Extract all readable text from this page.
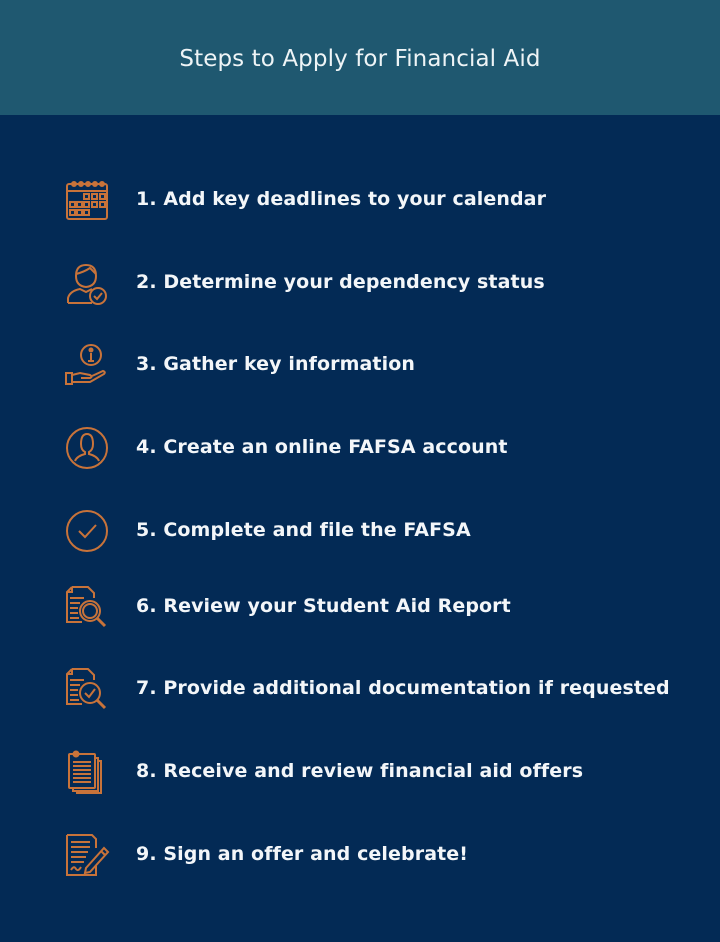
Steps to Apply for Financial Aid
1. Add key deadlines to your calendar
2. Determine your dependency status
3. Gather key information
4. Create an online FAFSA account
5. Complete and file the FAFSA
6. Review your Student Aid Report
7. Provide additional documentation if requested
8. Receive and review financial aid offers
9. Sign an offer and celebrate!
